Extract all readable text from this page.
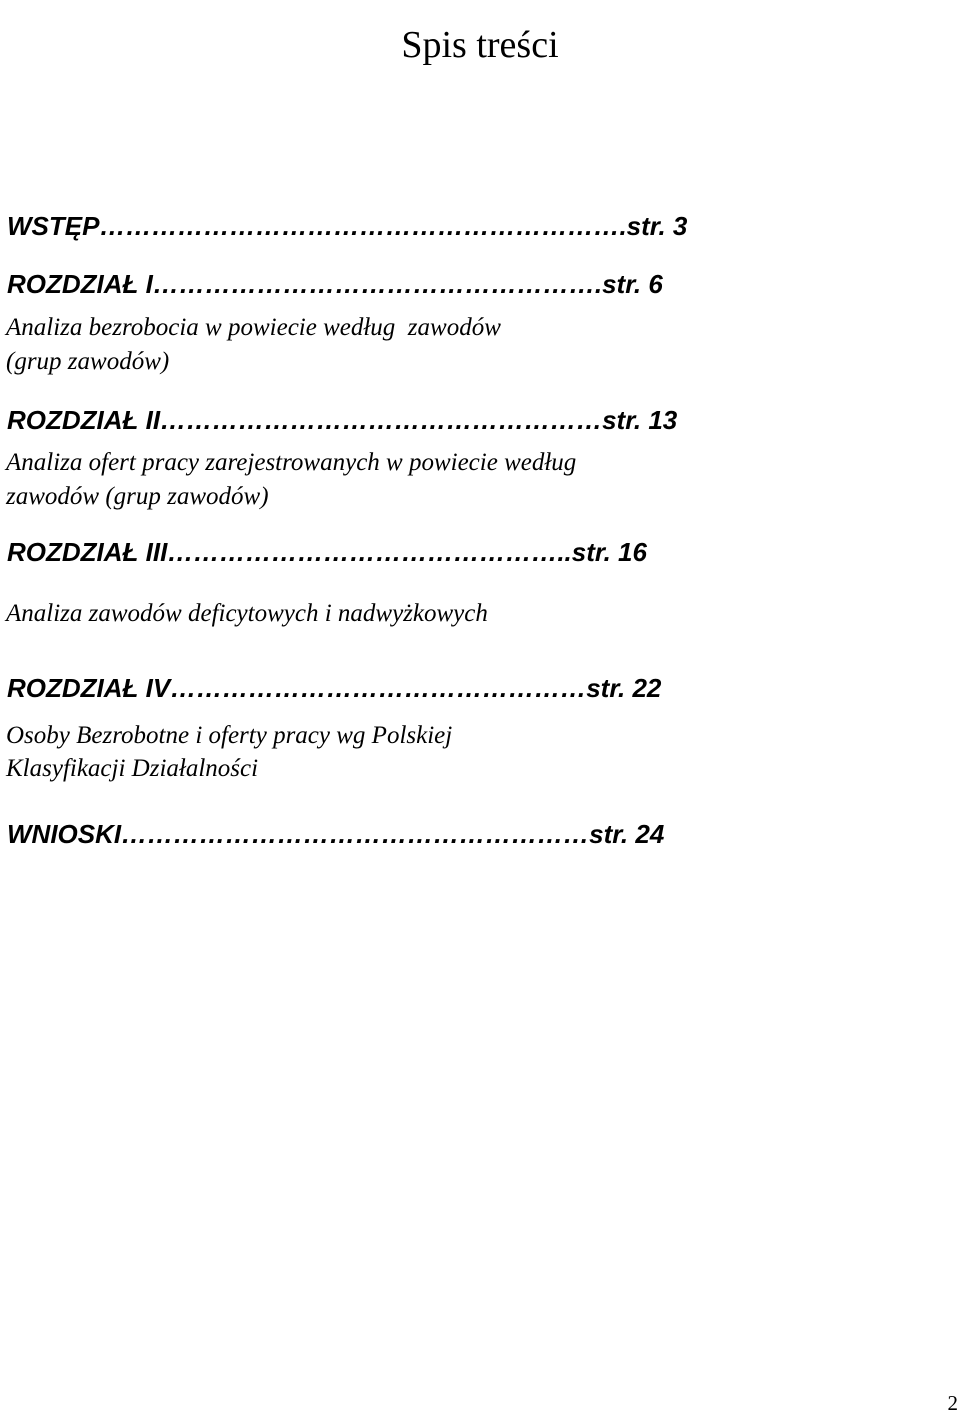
Spis treści

WSTĘP…………………………………………………….str. 3

ROZDZIAŁ I…………………………………………….str. 6

Analiza bezrobocia w powiecie według  zawodów

(grup zawodów)

ROZDZIAŁ II……………………………………………str. 13

Analiza ofert pracy zarejestrowanych w powiecie według

zawodów (grup zawodów)

ROZDZIAŁ III………………………………………..str. 16

Analiza zawodów deficytowych i nadwyżkowych

ROZDZIAŁ IV…………………………………………str. 22

Osoby Bezrobotne i oferty pracy wg Polskiej

Klasyfikacji Działalności

WNIOSKI………………………………………………str. 24

2
